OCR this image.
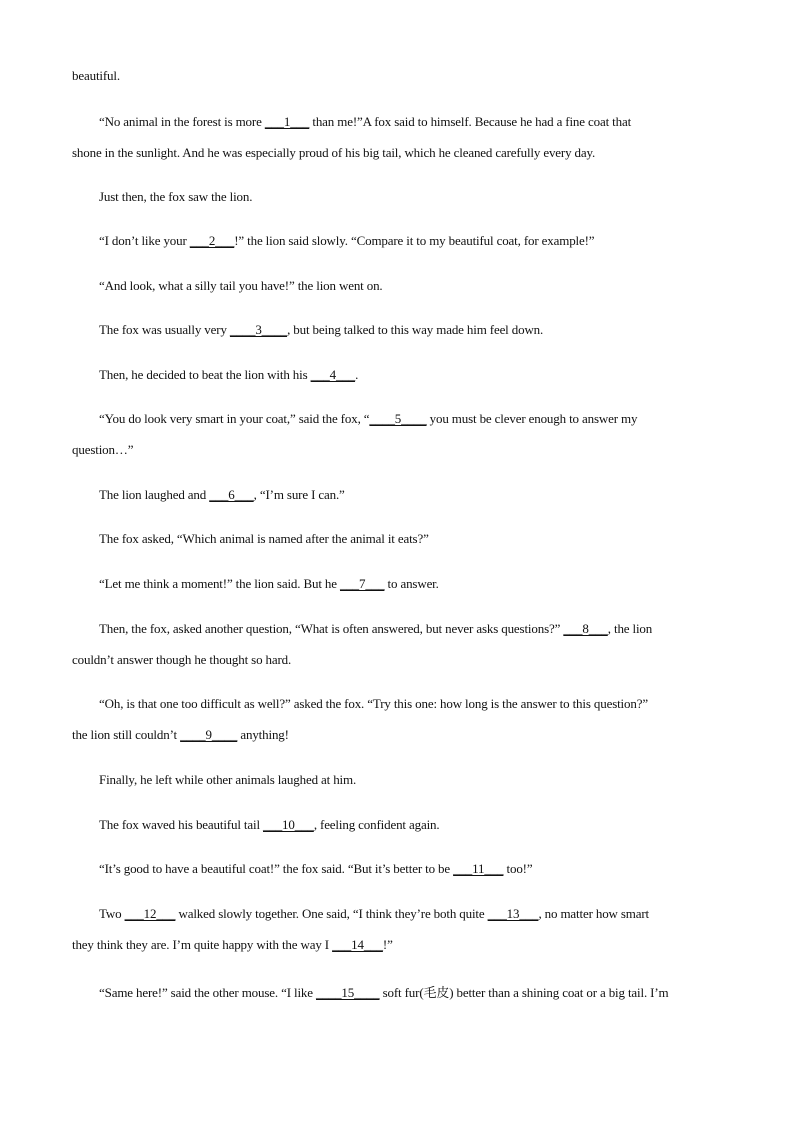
beautiful.
“No animal in the forest is more ___1___ than me!”A fox said to himself. Because he had a fine coat that
shone in the sunlight. And he was especially proud of his big tail, which he cleaned carefully every day.
Just then, the fox saw the lion.
“I don’t like your ___2___!” the lion said slowly. “Compare it to my beautiful coat, for example!”
“And look, what a silly tail you have!” the lion went on.
The fox was usually very ____3____, but being talked to this way made him feel down.
Then, he decided to beat the lion with his ___4___.
“You do look very smart in your coat,” said the fox, “____5____ you must be clever enough to answer my
question…”
The lion laughed and ___6___, “I’m sure I can.”
The fox asked, “Which animal is named after the animal it eats?”
“Let me think a moment!” the lion said. But he ___7___ to answer.
Then, the fox, asked another question, “What is often answered, but never asks questions?” ___8___, the lion
couldn’t answer though he thought so hard.
“Oh, is that one too difficult as well?” asked the fox. “Try this one: how long is the answer to this question?”
the lion still couldn’t ____9____ anything!
Finally, he left while other animals laughed at him.
The fox waved his beautiful tail ___10___, feeling confident again.
“It’s good to have a beautiful coat!” the fox said. “But it’s better to be ___11___ too!”
Two ___12___ walked slowly together. One said, “I think they’re both quite ___13___, no matter how smart
they think they are. I’m quite happy with the way I ___14___!”
“Same here!” said the other mouse. “I like ____15____ soft fur(毛皮) better than a shining coat or a big tail. I’m
